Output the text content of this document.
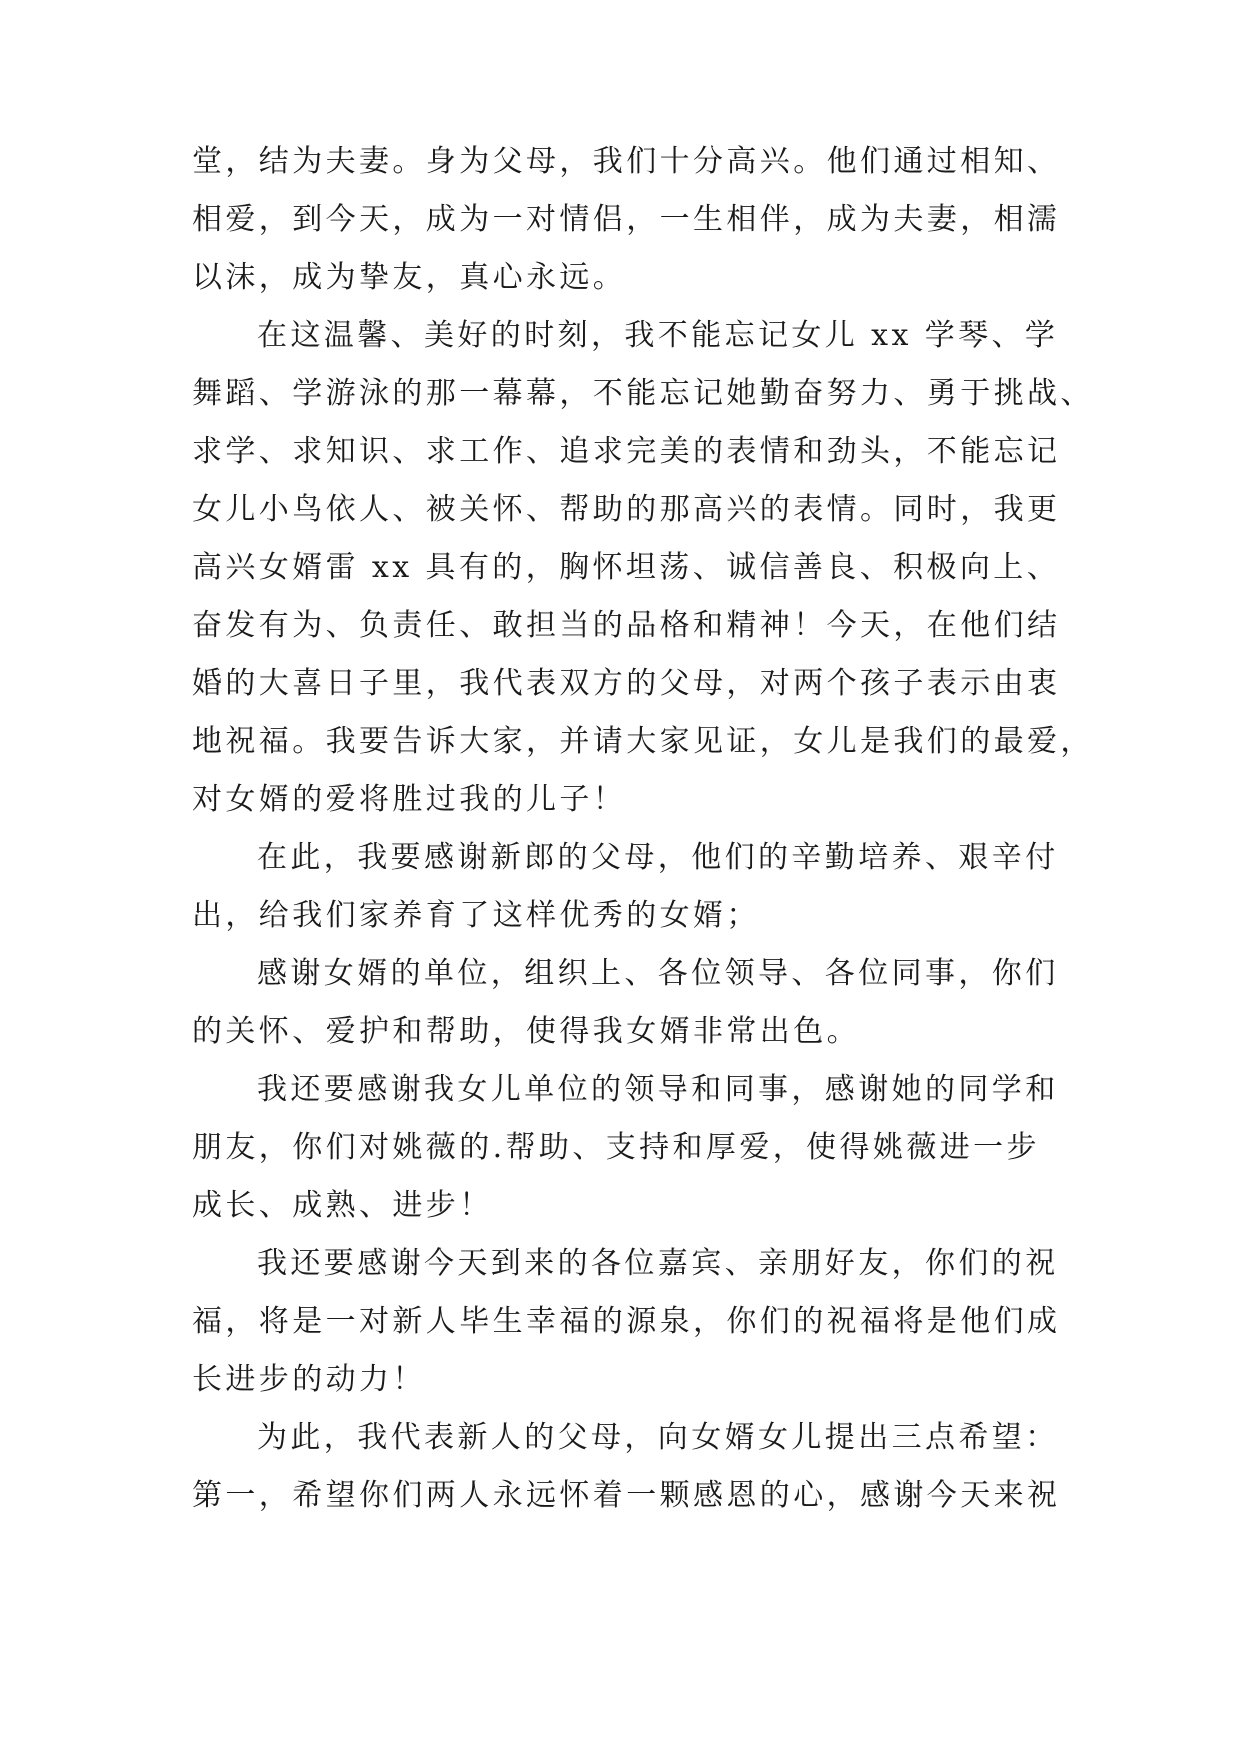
堂，结为夫妻。身为父母，我们十分高兴。他们通过相知、
相爱，到今天，成为一对情侣，一生相伴，成为夫妻，相濡
以沫，成为挚友，真心永远。
在这温馨、美好的时刻，我不能忘记女儿 xx 学琴、学
舞蹈、学游泳的那一幕幕，不能忘记她勤奋努力、勇于挑战、
求学、求知识、求工作、追求完美的表情和劲头，不能忘记
女儿小鸟依人、被关怀、帮助的那高兴的表情。同时，我更
高兴女婿雷 xx 具有的，胸怀坦荡、诚信善良、积极向上、
奋发有为、负责任、敢担当的品格和精神！今天，在他们结
婚的大喜日子里，我代表双方的父母，对两个孩子表示由衷
地祝福。我要告诉大家，并请大家见证，女儿是我们的最爱，
对女婿的爱将胜过我的儿子！
在此，我要感谢新郎的父母，他们的辛勤培养、艰辛付
出，给我们家养育了这样优秀的女婿；
感谢女婿的单位，组织上、各位领导、各位同事，你们
的关怀、爱护和帮助，使得我女婿非常出色。
我还要感谢我女儿单位的领导和同事，感谢她的同学和
朋友，你们对姚薇的.帮助、支持和厚爱，使得姚薇进一步
成长、成熟、进步！
我还要感谢今天到来的各位嘉宾、亲朋好友，你们的祝
福，将是一对新人毕生幸福的源泉，你们的祝福将是他们成
长进步的动力！
为此，我代表新人的父母，向女婿女儿提出三点希望：
第一，希望你们两人永远怀着一颗感恩的心，感谢今天来祝
